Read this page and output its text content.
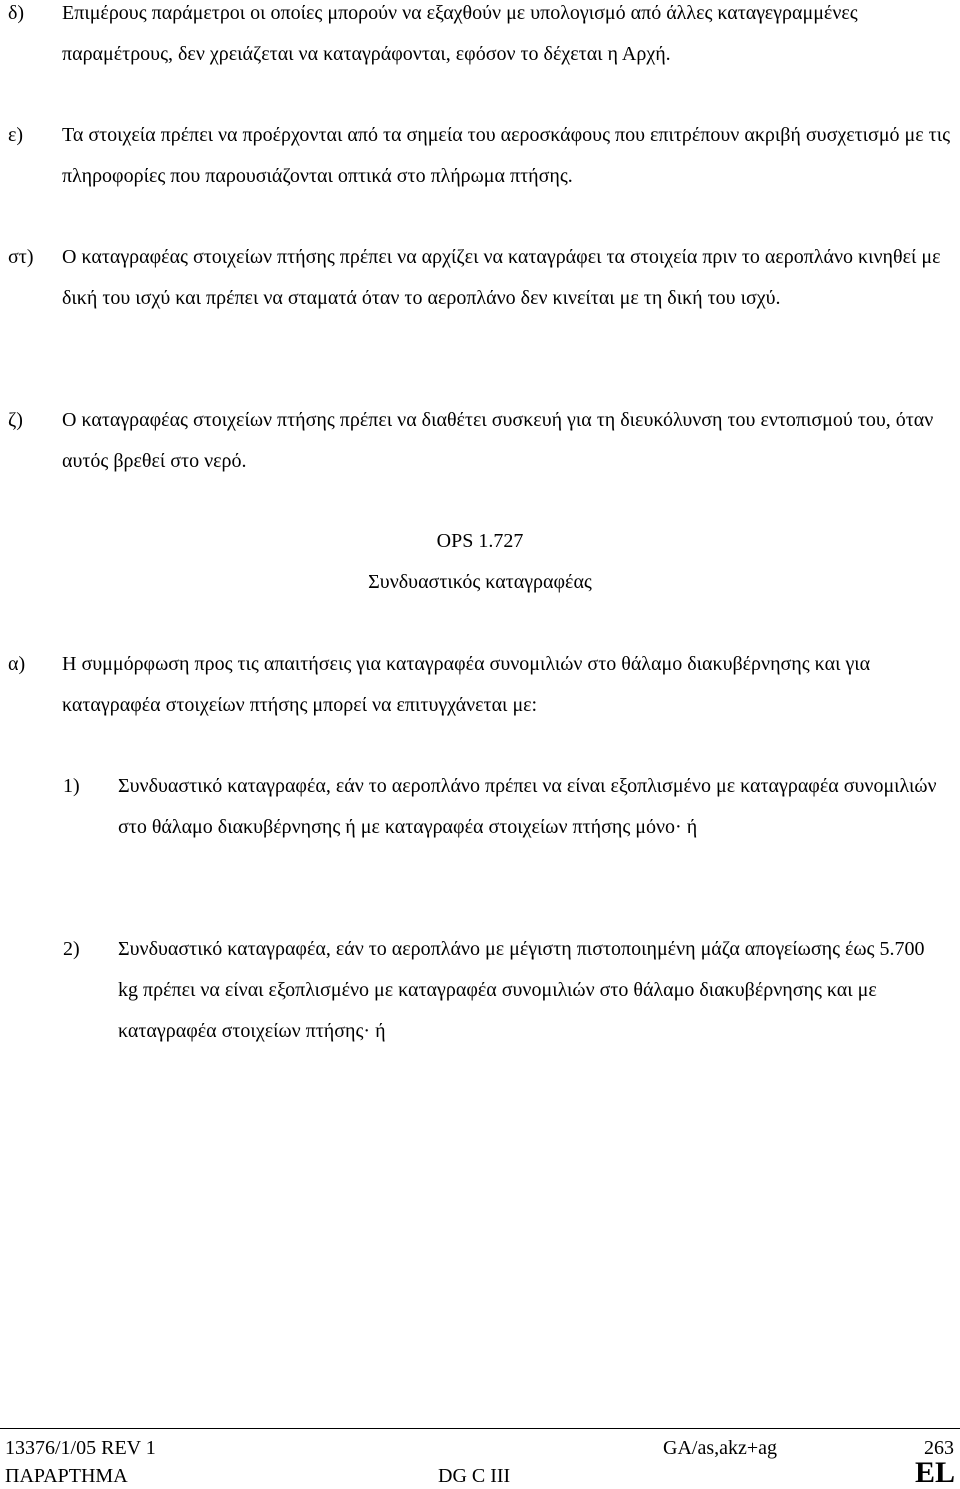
δ) Επιμέρους παράμετροι οι οποίες μπορούν να εξαχθούν με υπολογισμό από άλλες καταγεγραμμένες παραμέτρους, δεν χρειάζεται να καταγράφονται, εφόσον το δέχεται η Αρχή.
ε) Τα στοιχεία πρέπει να προέρχονται από τα σημεία του αεροσκάφους που επιτρέπουν ακριβή συσχετισμό με τις πληροφορίες που παρουσιάζονται οπτικά στο πλήρωμα πτήσης.
στ) Ο καταγραφέας στοιχείων πτήσης πρέπει να αρχίζει να καταγράφει τα στοιχεία πριν το αεροπλάνο κινηθεί με δική του ισχύ και πρέπει να σταματά όταν το αεροπλάνο δεν κινείται με τη δική του ισχύ.
ζ) Ο καταγραφέας στοιχείων πτήσης πρέπει να διαθέτει συσκευή για τη διευκόλυνση του εντοπισμού του, όταν αυτός βρεθεί στο νερό.
OPS 1.727
Συνδυαστικός καταγραφέας
α) Η συμμόρφωση προς τις απαιτήσεις για καταγραφέα συνομιλιών στο θάλαμο διακυβέρνησης και για καταγραφέα στοιχείων πτήσης μπορεί να επιτυγχάνεται με:
1) Συνδυαστικό καταγραφέα, εάν το αεροπλάνο πρέπει να είναι εξοπλισμένο με καταγραφέα συνομιλιών στο θάλαμο διακυβέρνησης ή με καταγραφέα στοιχείων πτήσης μόνο· ή
2) Συνδυαστικό καταγραφέα, εάν το αεροπλάνο με μέγιστη πιστοποιημένη μάζα απογείωσης έως 5.700 kg πρέπει να είναι εξοπλισμένο με καταγραφέα συνομιλιών στο θάλαμο διακυβέρνησης και με καταγραφέα στοιχείων πτήσης· ή
13376/1/05 REV 1
ΠΑΡΑΡΤΗΜΑ
GA/as,akz+ag
DG C III
263
EL
